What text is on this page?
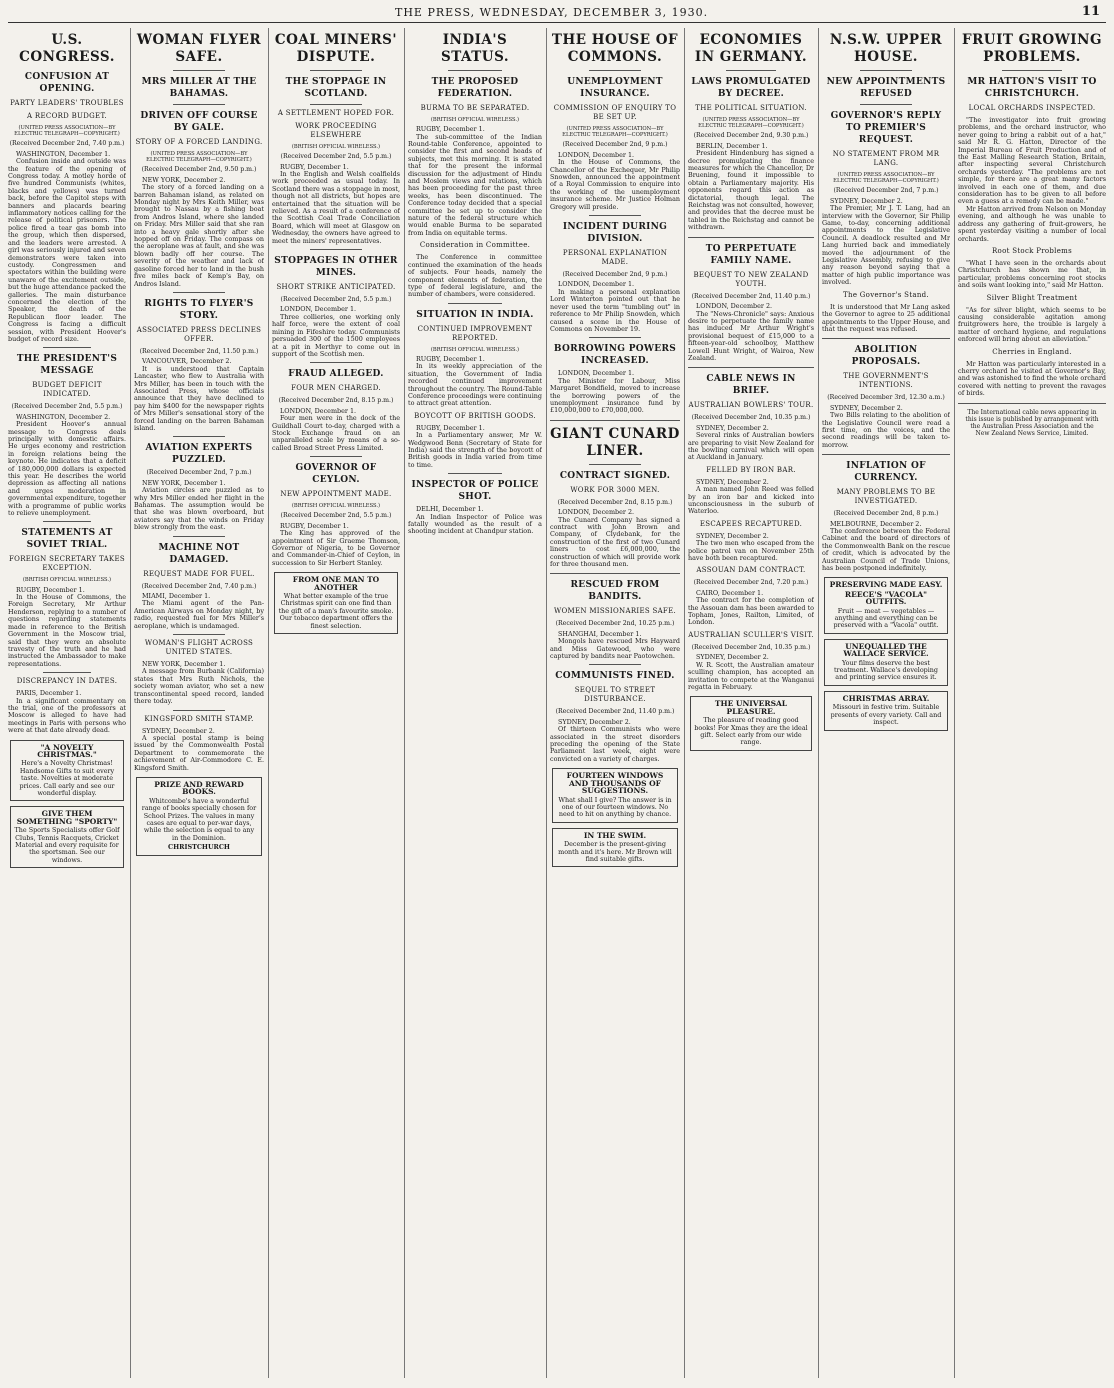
THE PRESS, WEDNESDAY, DECEMBER 3, 1930.	11
U.S. CONGRESS.
CONFUSION AT OPENING.
PARTY LEADERS' TROUBLES
A RECORD BUDGET.
(UNITED PRESS ASSOCIATION—BY ELECTRIC TELEGRAPH—COPYRIGHT.)
(Received December 2nd, 7.40 p.m.)

WASHINGTON, December 1.

Confusion inside and outside was the feature of the opening of Congress today. A motley horde of five hundred Communists (whites, blacks and yellows) was turned back, before the Capitol steps with banners and placards bearing inflammatory notices calling for the release of political prisoners. The police fired a tear gas bomb into the group, which then dispersed, and the leaders were arrested. A girl was seriously injured and seven demonstrators were taken into custody. Congressmen and spectators within the building were unaware of the excitement outside, but the huge attendance packed the galleries. The main disturbance concerned the election of the Speaker, the death of the Republican floor leader. The Congress is facing a difficult session, with President Hoover's budget of record size.

THE PRESIDENT'S MESSAGE
BUDGET DEFICIT INDICATED.
(Received December 2nd, 5.5 p.m.)

WASHINGTON, December 2.

President Hoover's annual message to Congress deals principally with domestic affairs. He urges economy and restriction in foreign relations being the keynote. He indicates that a deficit of 180,000,000 dollars is expected this year. He describes the world depression as affecting all nations and urges moderation in governmental expenditure, together with a programme of public works to relieve unemployment.

STATEMENTS AT SOVIET TRIAL.
FOREIGN SECRETARY TAKES EXCEPTION.
(BRITISH OFFICIAL WIRELESS.)

RUGBY, December 1.

In the House of Commons, the Foreign Secretary, Mr Arthur Henderson, replying to a number of questions regarding statements made in reference to the British Government in the Moscow trial, said that they were an absolute travesty of the truth and he had instructed the Ambassador to make representations.

DISCREPANCY IN DATES.

PARIS, December 1.

In a significant commentary on the trial, one of the professors at Moscow is alleged to have had meetings in Paris with persons who were at that date already dead.

"A NOVELTY CHRISTMAS."
Here's a Novelty Christmas! Handsome Gifts to suit every taste. Novelties at moderate prices. Call early and see our wonderful display.
GIVE THEM SOMETHING "SPORTY"
The Sports Specialists offer Golf Clubs, Tennis Racquets, Cricket Material and every requisite for the sportsman. See our windows.
WOMAN FLYER SAFE.
MRS MILLER AT THE BAHAMAS.
DRIVEN OFF COURSE BY GALE.
STORY OF A FORCED LANDING.
(UNITED PRESS ASSOCIATION—BY ELECTRIC TELEGRAPH—COPYRIGHT.)
(Received December 2nd, 9.50 p.m.)

NEW YORK, December 2.

The story of a forced landing on a barren Bahaman island, as related on Monday night by Mrs Keith Miller, was brought to Nassau by a fishing boat from Andros Island, where she landed on Friday. Mrs Miller said that she ran into a heavy gale shortly after she hopped off on Friday. The compass on the aeroplane was at fault, and she was blown badly off her course. The severity of the weather and lack of gasoline forced her to land in the bush five miles back of Kemp's Bay, on Andros Island.

RIGHTS TO FLYER'S STORY.
ASSOCIATED PRESS DECLINES OFFER.
(Received December 2nd, 11.50 p.m.)

VANCOUVER, December 2.

It is understood that Captain Lancaster, who flew to Australia with Mrs Miller, has been in touch with the Associated Press, whose officials announce that they have declined to pay him $400 for the newspaper rights of Mrs Miller's sensational story of the forced landing on the barren Bahaman island.

AVIATION EXPERTS PUZZLED.
(Received December 2nd, 7 p.m.)

NEW YORK, December 1.

Aviation circles are puzzled as to why Mrs Miller ended her flight in the Bahamas. The assumption would be that she was blown overboard, but aviators say that the winds on Friday blew strongly from the east.

MACHINE NOT DAMAGED.
REQUEST MADE FOR FUEL.
(Received December 2nd, 7.40 p.m.)

MIAMI, December 1.

The Miami agent of the Pan-American Airways on Monday night, by radio, requested fuel for Mrs Miller's aeroplane, which is undamaged.

WOMAN'S FLIGHT ACROSS UNITED STATES.

NEW YORK, December 1.

A message from Burbank (California) states that Mrs Ruth Nichols, the society woman aviator, who set a new transcontinental speed record, landed there today.

KINGSFORD SMITH STAMP.

SYDNEY, December 2.

A special postal stamp is being issued by the Commonwealth Postal Department to commemorate the achievement of Air-Commodore C. E. Kingsford Smith.

PRIZE AND REWARD BOOKS.
Whitcombe's have a wonderful range of books specially chosen for School Prizes. The values in many cases are equal to per-war days, while the selection is equal to any in the Dominion.
CHRISTCHURCH
COAL MINERS' DISPUTE.
THE STOPPAGE IN SCOTLAND.
A SETTLEMENT HOPED FOR.
WORK PROCEEDING ELSEWHERE
(BRITISH OFFICIAL WIRELESS.)
(Received December 2nd, 5.5 p.m.)

RUGBY, December 1.

In the English and Welsh coalfields work proceeded as usual today. In Scotland there was a stoppage in most, though not all districts, but hopes are entertained that the situation will be relieved. As a result of a conference of the Scottish Coal Trade Conciliation Board, which will meet at Glasgow on Wednesday, the owners have agreed to meet the miners' representatives.

STOPPAGES IN OTHER MINES.
SHORT STRIKE ANTICIPATED.
(Received December 2nd, 5.5 p.m.)

LONDON, December 1.

Three collieries, one working only half force, were the extent of coal mining in Fifeshire today. Communists persuaded 300 of the 1500 employees at a pit in Merthyr to come out in support of the Scottish men.

FRAUD ALLEGED.
FOUR MEN CHARGED.
(Received December 2nd, 8.15 p.m.)

LONDON, December 1.

Four men were in the dock of the Guildhall Court to-day, charged with a Stock Exchange fraud on an unparalleled scale by means of a so-called Broad Street Press Limited.

GOVERNOR OF CEYLON.
NEW APPOINTMENT MADE.
(BRITISH OFFICIAL WIRELESS.)
(Received December 2nd, 5.5 p.m.)

RUGBY, December 1.

The King has approved of the appointment of Sir Graeme Thomson, Governor of Nigeria, to be Governor and Commander-in-Chief of Ceylon, in succession to Sir Herbert Stanley.

FROM ONE MAN TO ANOTHER
What better example of the true Christmas spirit can one find than the gift of a man's favourite smoke. Our tobacco department offers the finest selection.
INDIA'S STATUS.
THE PROPOSED FEDERATION.
BURMA TO BE SEPARATED.
(BRITISH OFFICIAL WIRELESS.)

RUGBY, December 1.

The sub-committee of the Indian Round-table Conference, appointed to consider the first and second heads of subjects, met this morning. It is stated that for the present the informal discussion for the adjustment of Hindu and Moslem views and relations, which has been proceeding for the past three weeks, has been discontinued. The Conference today decided that a special committee be set up to consider the nature of the federal structure which would enable Burma to be separated from India on equitable terms.

Consideration in Committee.

The Conference in committee continued the examination of the heads of subjects. Four heads, namely the component elements of federation, the type of federal legislature, and the number of chambers, were considered.

SITUATION IN INDIA.
CONTINUED IMPROVEMENT REPORTED.
(BRITISH OFFICIAL WIRELESS.)

RUGBY, December 1.

In its weekly appreciation of the situation, the Government of India recorded continued improvement throughout the country. The Round-Table Conference proceedings were continuing to attract great attention.

BOYCOTT OF BRITISH GOODS.

RUGBY, December 1.

In a Parliamentary answer, Mr W. Wedgwood Benn (Secretary of State for India) said the strength of the boycott of British goods in India varied from time to time.

INSPECTOR OF POLICE SHOT.

DELHI, December 1.

An Indian Inspector of Police was fatally wounded as the result of a shooting incident at Chandpur station.

THE HOUSE OF COMMONS.
UNEMPLOYMENT INSURANCE.
COMMISSION OF ENQUIRY TO BE SET UP.
(UNITED PRESS ASSOCIATION—BY ELECTRIC TELEGRAPH—COPYRIGHT.)
(Received December 2nd, 9 p.m.)

LONDON, December 1.

In the House of Commons, the Chancellor of the Exchequer, Mr Philip Snowden, announced the appointment of a Royal Commission to enquire into the working of the unemployment insurance scheme. Mr Justice Holman Gregory will preside.

INCIDENT DURING DIVISION.
PERSONAL EXPLANATION MADE.
(Received December 2nd, 9 p.m.)

LONDON, December 1.

In making a personal explanation Lord Winterton pointed out that he never used the term "tumbling out" in reference to Mr Philip Snowden, which caused a scene in the House of Commons on November 19.

BORROWING POWERS INCREASED.

LONDON, December 1.

The Minister for Labour, Miss Margaret Bondfield, moved to increase the borrowing powers of the unemployment insurance fund by £10,000,000 to £70,000,000.

GIANT CUNARD LINER.
CONTRACT SIGNED.
WORK FOR 3000 MEN.
(Received December 2nd, 8.15 p.m.)

LONDON, December 2.

The Cunard Company has signed a contract with John Brown and Company, of Clydebank, for the construction of the first of two Cunard liners to cost £6,000,000, the construction of which will provide work for three thousand men.

RESCUED FROM BANDITS.
WOMEN MISSIONARIES SAFE.
(Received December 2nd, 10.25 p.m.)

SHANGHAI, December 1.

Mongols have rescued Mrs Hayward and Miss Gatewood, who were captured by bandits near Paotowchen.

COMMUNISTS FINED.
SEQUEL TO STREET DISTURBANCE.
(Received December 2nd, 11.40 p.m.)

SYDNEY, December 2.

Of thirteen Communists who were associated in the street disorders preceding the opening of the State Parliament last week, eight were convicted on a variety of charges.

FOURTEEN WINDOWS AND THOUSANDS OF SUGGESTIONS.
What shall I give? The answer is in one of our fourteen windows. No need to hit on anything by chance.
IN THE SWIM.
December is the present-giving month and it's here. Mr Brown will find suitable gifts.
ECONOMIES IN GERMANY.
LAWS PROMULGATED BY DECREE.
THE POLITICAL SITUATION.
(UNITED PRESS ASSOCIATION—BY ELECTRIC TELEGRAPH—COPYRIGHT.)
(Received December 2nd, 9.30 p.m.)

BERLIN, December 1.

President Hindenburg has signed a decree promulgating the finance measures for which the Chancellor, Dr Bruening, found it impossible to obtain a Parliamentary majority. His opponents regard this action as dictatorial, though legal. The Reichstag was not consulted, however, and provides that the decree must be tabled in the Reichstag and cannot be withdrawn.

TO PERPETUATE FAMILY NAME.
BEQUEST TO NEW ZEALAND YOUTH.
(Received December 2nd, 11.40 p.m.)

LONDON, December 2.

The "News-Chronicle" says: Anxious desire to perpetuate the family name has induced Mr Arthur Wright's provisional bequest of £15,000 to a fifteen-year-old schoolboy, Matthew Lowell Hunt Wright, of Wairoa, New Zealand.

CABLE NEWS IN BRIEF.
AUSTRALIAN BOWLERS' TOUR.
(Received December 2nd, 10.35 p.m.)

SYDNEY, December 2.

Several rinks of Australian bowlers are preparing to visit New Zealand for the bowling carnival which will open at Auckland in January.

FELLED BY IRON BAR.

SYDNEY, December 2.

A man named John Reed was felled by an iron bar and kicked into unconsciousness in the suburb of Waterloo.

ESCAPEES RECAPTURED.

SYDNEY, December 2.

The two men who escaped from the police patrol van on November 25th have both been recaptured.

ASSOUAN DAM CONTRACT.
(Received December 2nd, 7.20 p.m.)

CAIRO, December 1.

The contract for the completion of the Assouan dam has been awarded to Topham, Jones, Railton, Limited, of London.

AUSTRALIAN SCULLER'S VISIT.
(Received December 2nd, 10.35 p.m.)

SYDNEY, December 2.

W. R. Scott, the Australian amateur sculling champion, has accepted an invitation to compete at the Wanganui regatta in February.

THE UNIVERSAL PLEASURE.
The pleasure of reading good books! For Xmas they are the ideal gift. Select early from our wide range.
N.S.W. UPPER HOUSE.
NEW APPOINTMENTS REFUSED
GOVERNOR'S REPLY TO PREMIER'S REQUEST.
NO STATEMENT FROM MR LANG.
(UNITED PRESS ASSOCIATION—BY ELECTRIC TELEGRAPH—COPYRIGHT.)
(Received December 2nd, 7 p.m.)

SYDNEY, December 2.

The Premier, Mr J. T. Lang, had an interview with the Governor, Sir Philip Game, to-day, concerning additional appointments to the Legislative Council. A deadlock resulted and Mr Lang hurried back and immediately moved the adjournment of the Legislative Assembly, refusing to give any reason beyond saying that a matter of high public importance was involved.

The Governor's Stand.

It is understood that Mr Lang asked the Governor to agree to 25 additional appointments to the Upper House, and that the request was refused.

ABOLITION PROPOSALS.
THE GOVERNMENT'S INTENTIONS.
(Received December 3rd, 12.30 a.m.)

SYDNEY, December 2.

Two Bills relating to the abolition of the Legislative Council were read a first time, on the voices, and the second readings will be taken to-morrow.

INFLATION OF CURRENCY.
MANY PROBLEMS TO BE INVESTIGATED.
(Received December 2nd, 8 p.m.)

MELBOURNE, December 2.

The conference between the Federal Cabinet and the board of directors of the Commonwealth Bank on the rescue of credit, which is advocated by the Australian Council of Trade Unions, has been postponed indefinitely.

PRESERVING MADE EASY.
REECE'S "VACOLA" OUTFITS.
Fruit — meat — vegetables — anything and everything can be preserved with a "Vacola" outfit.
UNEQUALLED THE WALLACE SERVICE.
Your films deserve the best treatment. Wallace's developing and printing service ensures it.
CHRISTMAS ARRAY.
Missouri in festive trim. Suitable presents of every variety. Call and inspect.
FRUIT GROWING PROBLEMS.
MR HATTON'S VISIT TO CHRISTCHURCH.
LOCAL ORCHARDS INSPECTED.

"The investigator into fruit growing problems, and the orchard instructor, who never going to bring a rabbit out of a hat," said Mr R. G. Hatton, Director of the Imperial Bureau of Fruit Production and of the East Malling Research Station, Britain, after inspecting several Christchurch orchards yesterday. "The problems are not simple, for there are a great many factors involved in each one of them, and due consideration has to be given to all before even a guess at a remedy can be made."

Mr Hatton arrived from Nelson on Monday evening, and although he was unable to address any gathering of fruit-growers, he spent yesterday visiting a number of local orchards.

Root Stock Problems

"What I have seen in the orchards about Christchurch has shown me that, in particular, problems concerning root stocks and soils want looking into," said Mr Hatton.

Silver Blight Treatment

"As for silver blight, which seems to be causing considerable agitation among fruitgrowers here, the trouble is largely a matter of orchard hygiene, and regulations enforced will bring about an alleviation."

Cherries in England.

Mr Hatton was particularly interested in a cherry orchard he visited at Governor's Bay, and was astonished to find the whole orchard covered with netting to prevent the ravages of birds.

The International cable news appearing in this issue is published by arrangement with the Australian Press Association and the New Zealand News Service, Limited.
